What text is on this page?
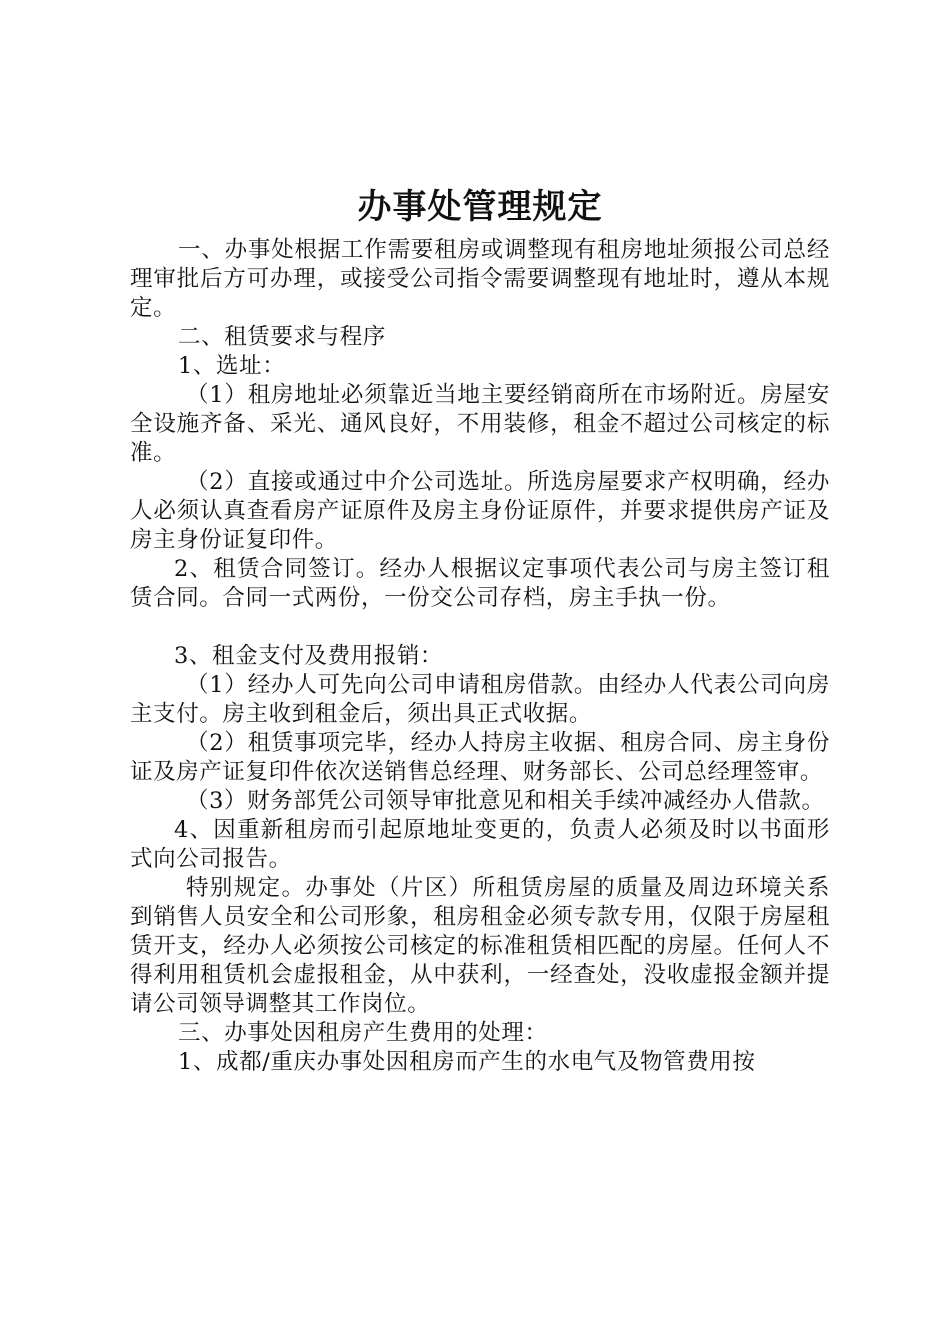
办事处管理规定

一、办事处根据工作需要租房或调整现有租房地址须报公司总经理审批后方可办理，或接受公司指令需要调整现有地址时，遵从本规定。

二、租赁要求与程序

1、选址：

（1）租房地址必须靠近当地主要经销商所在市场附近。房屋安全设施齐备、采光、通风良好，不用装修，租金不超过公司核定的标准。

（2）直接或通过中介公司选址。所选房屋要求产权明确，经办人必须认真查看房产证原件及房主身份证原件，并要求提供房产证及房主身份证复印件。

2、租赁合同签订。经办人根据议定事项代表公司与房主签订租赁合同。合同一式两份，一份交公司存档，房主手执一份。

3、租金支付及费用报销：

（1）经办人可先向公司申请租房借款。由经办人代表公司向房主支付。房主收到租金后，须出具正式收据。

（2）租赁事项完毕，经办人持房主收据、租房合同、房主身份证及房产证复印件依次送销售总经理、财务部长、公司总经理签审。

（3）财务部凭公司领导审批意见和相关手续冲减经办人借款。

4、因重新租房而引起原地址变更的，负责人必须及时以书面形式向公司报告。

特别规定。办事处（片区）所租赁房屋的质量及周边环境关系到销售人员安全和公司形象，租房租金必须专款专用，仅限于房屋租赁开支，经办人必须按公司核定的标准租赁相匹配的房屋。任何人不得利用租赁机会虚报租金，从中获利，一经查处，没收虚报金额并提请公司领导调整其工作岗位。

三、办事处因租房产生费用的处理：

1、成都/重庆办事处因租房而产生的水电气及物管费用按
